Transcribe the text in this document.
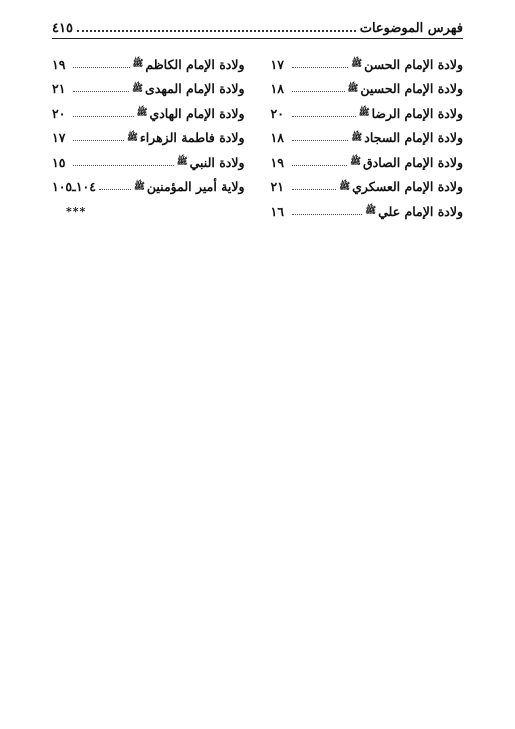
فهرس الموضوعات
٤١٥
ولادة الإمام الحسن
ﷺ
١٧
ولادة الإمام الحسين
ﷺ
١٨
ولادة الإمام الرضا
ﷺ
٢٠
ولادة الإمام السجاد
ﷺ
١٨
ولادة الإمام الصادق
ﷺ
١٩
ولادة الإمام العسكري
ﷺ
٢١
ولادة الإمام علي
ﷺ
١٦
ولادة الإمام الكاظم
ﷺ
١٩
ولادة الإمام المهدى
ﷺ
٢١
ولادة الإمام الهادي
ﷺ
٢٠
ولادة فاطمة الزهراء
ﷺ
١٧
ولادة النبي
ﷺ
١٥
ولاية أمير المؤمنين
ﷺ
١٠٤ـ١٠٥
***
